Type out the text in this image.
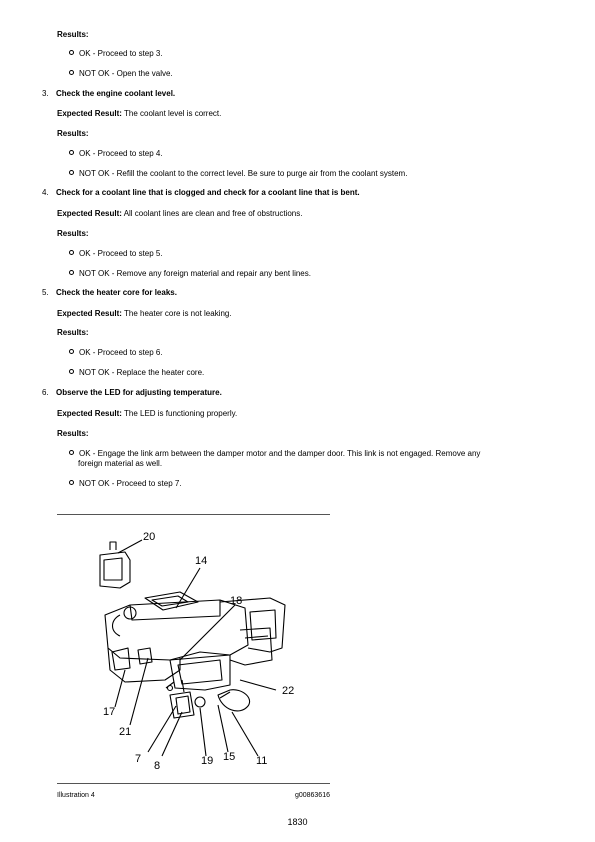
Results:
OK - Proceed to step 3.
NOT OK - Open the valve.
3. Check the engine coolant level.
Expected Result: The coolant level is correct.
Results:
OK - Proceed to step 4.
NOT OK - Refill the coolant to the correct level. Be sure to purge air from the coolant system.
4. Check for a coolant line that is clogged and check for a coolant line that is bent.
Expected Result: All coolant lines are clean and free of obstructions.
Results:
OK - Proceed to step 5.
NOT OK - Remove any foreign material and repair any bent lines.
5. Check the heater core for leaks.
Expected Result: The heater core is not leaking.
Results:
OK - Proceed to step 6.
NOT OK - Replace the heater core.
6. Observe the LED for adjusting temperature.
Expected Result: The LED is functioning properly.
Results:
OK - Engage the link arm between the damper motor and the damper door. This link is not engaged. Remove any
foreign material as well.
NOT OK - Proceed to step 7.
20
14
18
22
17
21
7
8	19 15 11
Illustration 4	g00863616
1830
